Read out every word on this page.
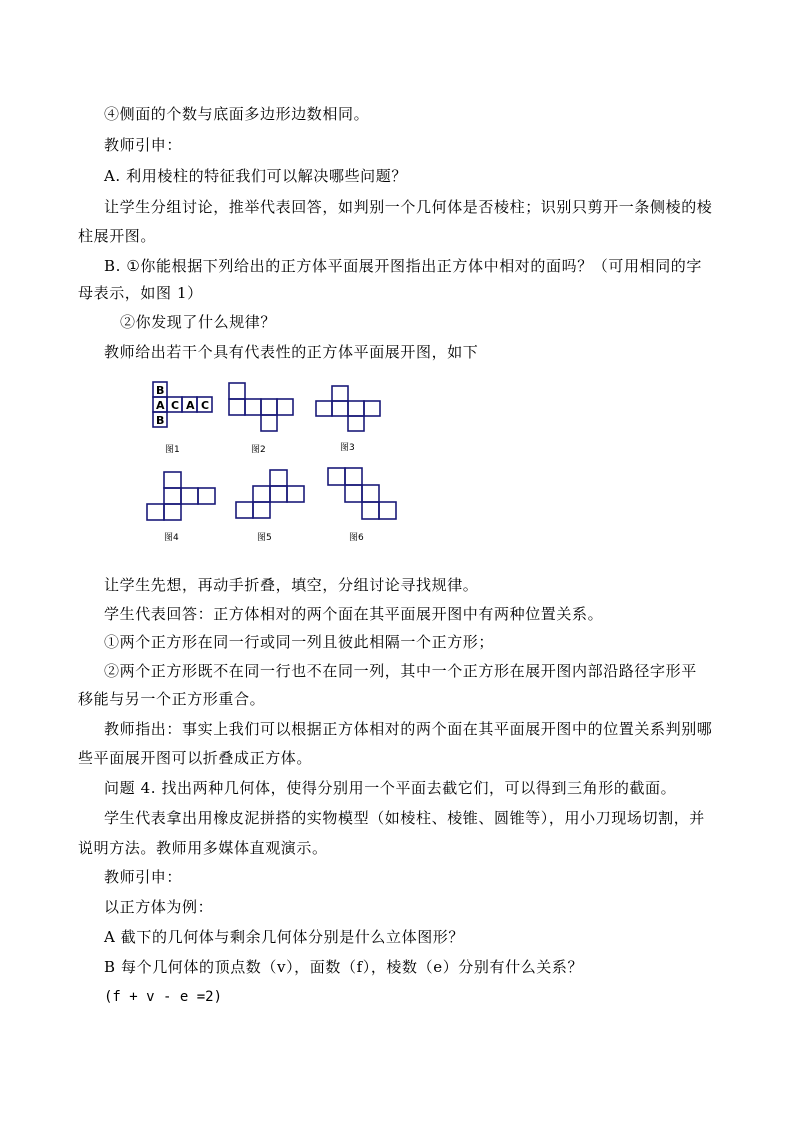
④侧面的个数与底面多边形边数相同。
教师引申：
A. 利用棱柱的特征我们可以解决哪些问题？
让学生分组讨论，推举代表回答，如判别一个几何体是否棱柱；识别只剪开一条侧棱的棱
柱展开图。
B. ①你能根据下列给出的正方体平面展开图指出正方体中相对的面吗？（可用相同的字
母表示，如图 1）
②你发现了什么规律？
教师给出若干个具有代表性的正方体平面展开图，如下
B
A C A C
B
图1	图2	图3
图4	图5	图6
让学生先想，再动手折叠，填空，分组讨论寻找规律。
学生代表回答：正方体相对的两个面在其平面展开图中有两种位置关系。
①两个正方形在同一行或同一列且彼此相隔一个正方形；
②两个正方形既不在同一行也不在同一列，其中一个正方形在展开图内部沿路径字形平
移能与另一个正方形重合。
教师指出：事实上我们可以根据正方体相对的两个面在其平面展开图中的位置关系判别哪
些平面展开图可以折叠成正方体。
问题 4. 找出两种几何体，使得分别用一个平面去截它们，可以得到三角形的截面。
学生代表拿出用橡皮泥拼搭的实物模型（如棱柱、棱锥、圆锥等），用小刀现场切割，并
说明方法。教师用多媒体直观演示。
教师引申：
以正方体为例：
A 截下的几何体与剩余几何体分别是什么立体图形？
B 每个几何体的顶点数（v），面数（f），棱数（e）分别有什么关系？
(f + v - e =2)
